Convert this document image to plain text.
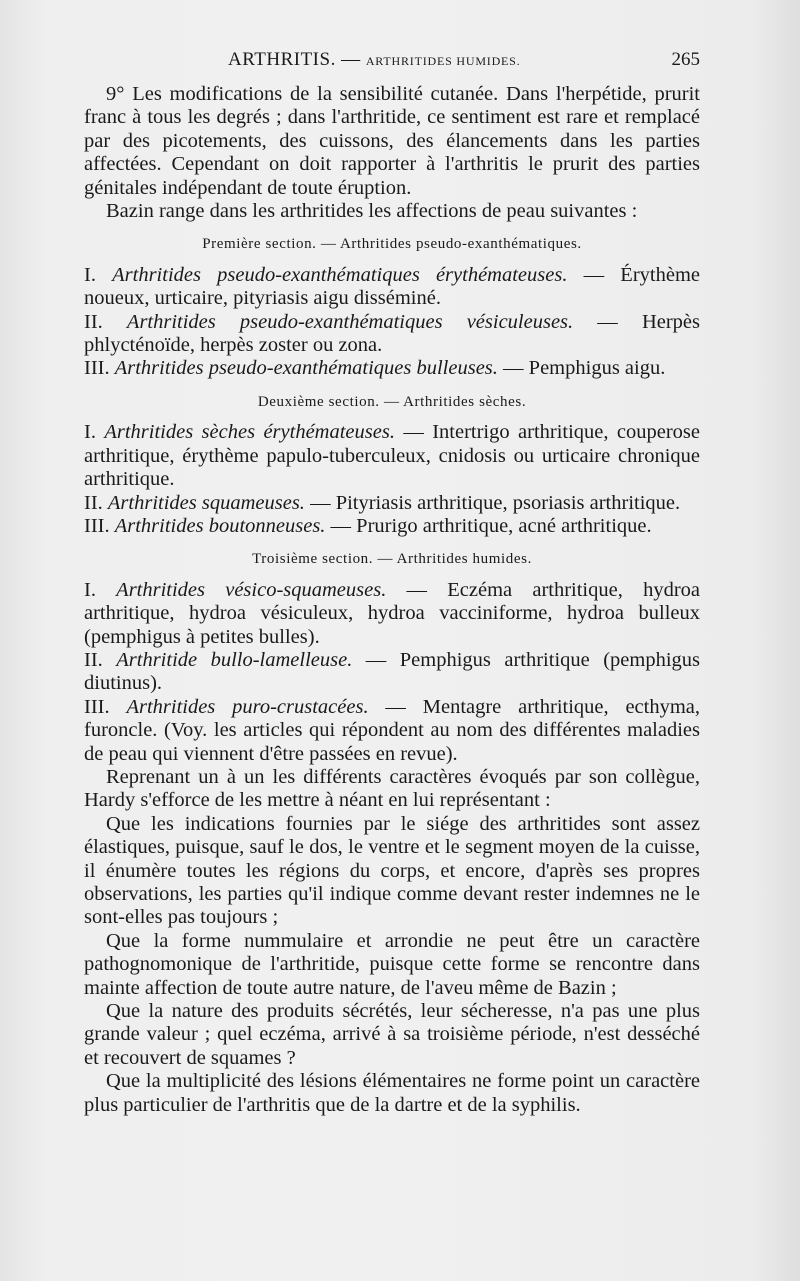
ARTHRITIS. — ARTHRITIDES HUMIDES.	265

9° Les modifications de la sensibilité cutanée. Dans l'herpétide, prurit franc à tous les degrés ; dans l'arthritide, ce sentiment est rare et remplacé par des picotements, des cuissons, des élancements dans les parties affectées. Cependant on doit rapporter à l'arthritis le prurit des parties génitales indépendant de toute éruption.

Bazin range dans les arthritides les affections de peau suivantes :

Première section. — Arthritides pseudo-exanthématiques.

I. Arthritides pseudo-exanthématiques érythémateuses. — Érythème noueux, urticaire, pityriasis aigu disséminé.

II. Arthritides pseudo-exanthématiques vésiculeuses. — Herpès phlycténoïde, herpès zoster ou zona.

III. Arthritides pseudo-exanthématiques bulleuses. — Pemphigus aigu.

Deuxième section. — Arthritides sèches.

I. Arthritides sèches érythémateuses. — Intertrigo arthritique, couperose arthritique, érythème papulo-tuberculeux, cnidosis ou urticaire chronique arthritique.

II. Arthritides squameuses. — Pityriasis arthritique, psoriasis arthritique.

III. Arthritides boutonneuses. — Prurigo arthritique, acné arthritique.

Troisième section. — Arthritides humides.

I. Arthritides vésico-squameuses. — Eczéma arthritique, hydroa arthritique, hydroa vésiculeux, hydroa vacciniforme, hydroa bulleux (pemphigus à petites bulles).

II. Arthritide bullo-lamelleuse. — Pemphigus arthritique (pemphigus diutinus).

III. Arthritides puro-crustacées. — Mentagre arthritique, ecthyma, furoncle. (Voy. les articles qui répondent au nom des différentes maladies de peau qui viennent d'être passées en revue).

Reprenant un à un les différents caractères évoqués par son collègue, Hardy s'efforce de les mettre à néant en lui représentant :

Que les indications fournies par le siége des arthritides sont assez élastiques, puisque, sauf le dos, le ventre et le segment moyen de la cuisse, il énumère toutes les régions du corps, et encore, d'après ses propres observations, les parties qu'il indique comme devant rester indemnes ne le sont-elles pas toujours ;

Que la forme nummulaire et arrondie ne peut être un caractère pathognomonique de l'arthritide, puisque cette forme se rencontre dans mainte affection de toute autre nature, de l'aveu même de Bazin ;

Que la nature des produits sécrétés, leur sécheresse, n'a pas une plus grande valeur ; quel eczéma, arrivé à sa troisième période, n'est desséché et recouvert de squames ?

Que la multiplicité des lésions élémentaires ne forme point un caractère plus particulier de l'arthritis que de la dartre et de la syphilis.
